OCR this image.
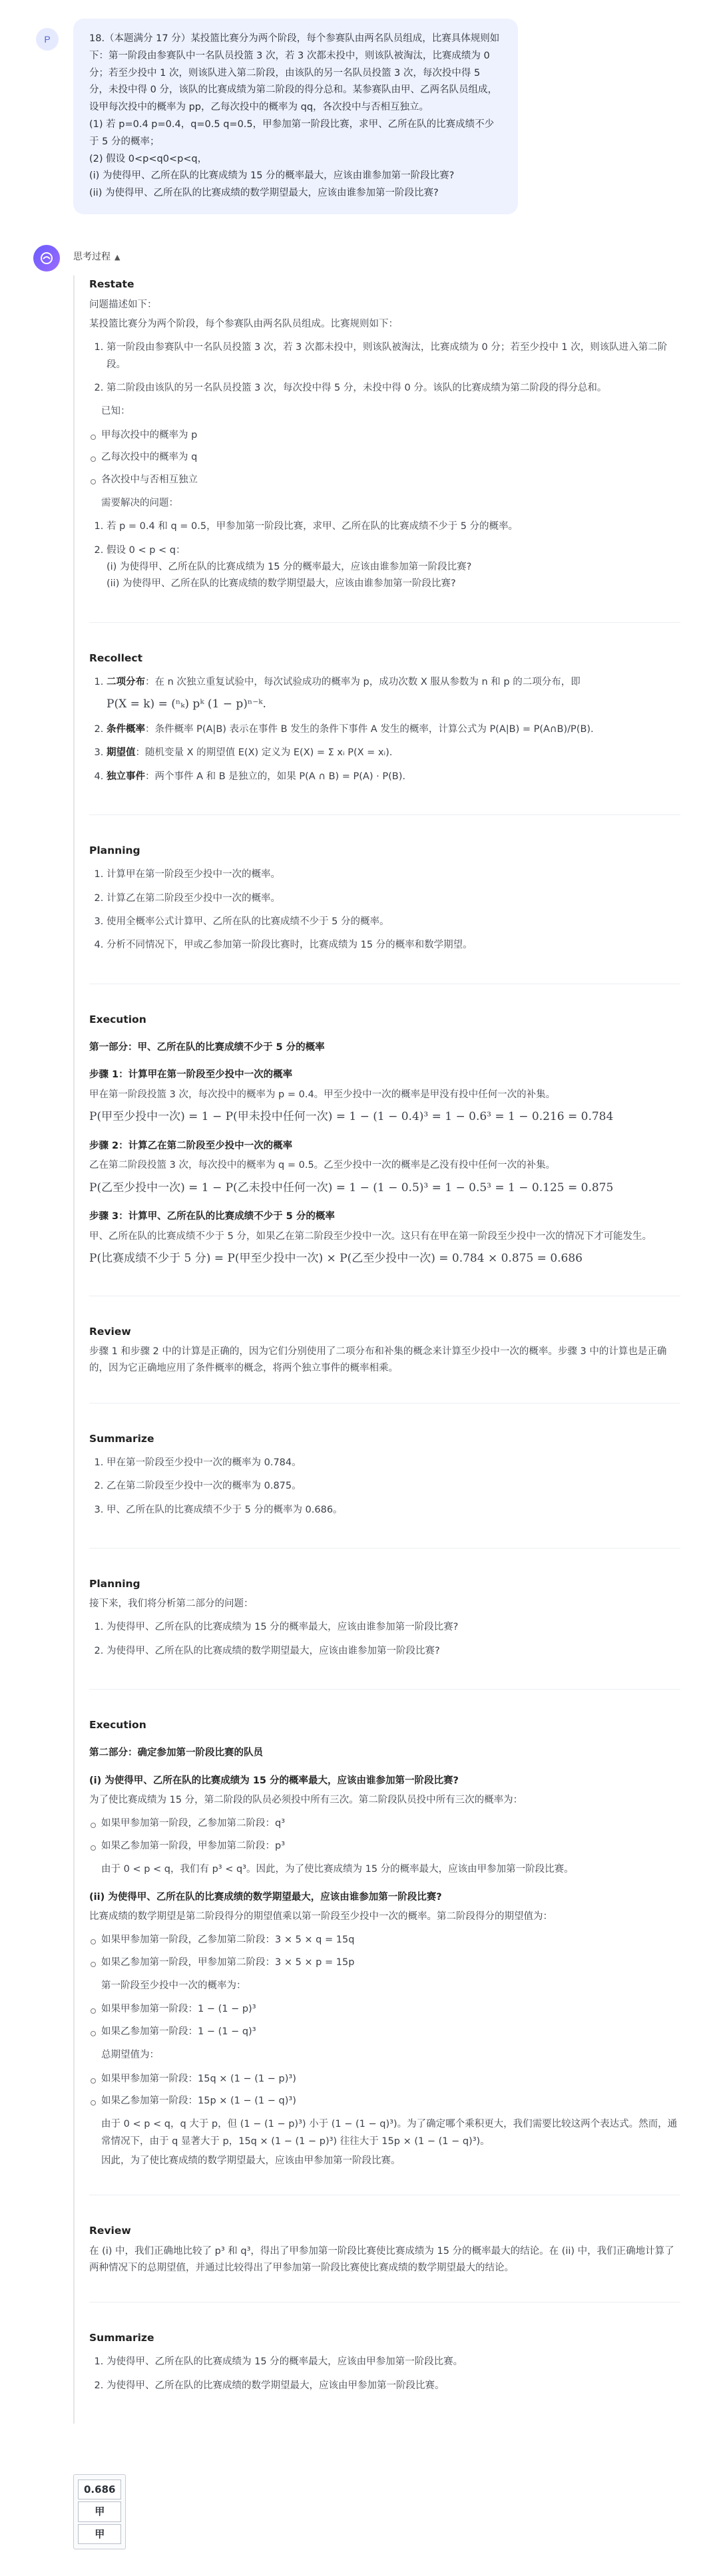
P	18.（本题满分 17 分）某投篮比赛分为两个阶段，每个参赛队由两名队员组成，比赛具体规则如下：第一阶段由参赛队中一名队员投篮 3 次，若 3 次都未投中，则该队被淘汰，比赛成绩为 0 分；若至少投中 1 次，则该队进入第二阶段，由该队的另一名队员投篮 3 次，每次投中得 5 分，未投中得 0 分，该队的比赛成绩为第二阶段的得分总和。某参赛队由甲、乙两名队员组成，设甲每次投中的概率为 pp，乙每次投中的概率为 qq，各次投中与否相互独立。

(1) 若 p=0.4 p=0.4，q=0.5 q=0.5，甲参加第一阶段比赛，求甲、乙所在队的比赛成绩不少于 5 分的概率；

(2) 假设 0<p<q0<p<q，

(i) 为使得甲、乙所在队的比赛成绩为 15 分的概率最大，应该由谁参加第一阶段比赛?

(ii) 为使得甲、乙所在队的比赛成绩的数学期望最大，应该由谁参加第一阶段比赛?

思考过程 ▲
Restate
问题描述如下：
某投篮比赛分为两个阶段，每个参赛队由两名队员组成。比赛规则如下：
1. 第一阶段由参赛队中一名队员投篮 3 次，若 3 次都未投中，则该队被淘汰，比赛成绩为 0 分；若至少投中 1 次，则该队进入第二阶段。
2. 第二阶段由该队的另一名队员投篮 3 次，每次投中得 5 分，未投中得 0 分。该队的比赛成绩为第二阶段的得分总和。
已知：
甲每次投中的概率为 p
乙每次投中的概率为 q
各次投中与否相互独立
需要解决的问题：
1. 若 p = 0.4 和 q = 0.5，甲参加第一阶段比赛，求甲、乙所在队的比赛成绩不少于 5 分的概率。
2. 假设 0 < p < q：
(i) 为使得甲、乙所在队的比赛成绩为 15 分的概率最大，应该由谁参加第一阶段比赛?
(ii) 为使得甲、乙所在队的比赛成绩的数学期望最大，应该由谁参加第一阶段比赛?
Recollect
1. 二项分布：在 n 次独立重复试验中，每次试验成功的概率为 p，成功次数 X 服从参数为 n 和 p 的二项分布，即
P(X = k) = (ⁿₖ) pᵏ (1 − p)ⁿ⁻ᵏ.
2. 条件概率：条件概率 P(A|B) 表示在事件 B 发生的条件下事件 A 发生的概率，计算公式为 P(A|B) = P(A∩B)/P(B).
3. 期望值：随机变量 X 的期望值 E(X) 定义为 E(X) = Σ xᵢ P(X = xᵢ).
4. 独立事件：两个事件 A 和 B 是独立的，如果 P(A ∩ B) = P(A) · P(B).
Planning
1. 计算甲在第一阶段至少投中一次的概率。
2. 计算乙在第二阶段至少投中一次的概率。
3. 使用全概率公式计算甲、乙所在队的比赛成绩不少于 5 分的概率。
4. 分析不同情况下，甲或乙参加第一阶段比赛时，比赛成绩为 15 分的概率和数学期望。
Execution
第一部分：甲、乙所在队的比赛成绩不少于 5 分的概率
步骤 1：计算甲在第一阶段至少投中一次的概率
甲在第一阶段投篮 3 次，每次投中的概率为 p = 0.4。甲至少投中一次的概率是甲没有投中任何一次的补集。
P(甲至少投中一次) = 1 − P(甲未投中任何一次) = 1 − (1 − 0.4)³ = 1 − 0.6³ = 1 − 0.216 = 0.784
步骤 2：计算乙在第二阶段至少投中一次的概率
乙在第二阶段投篮 3 次，每次投中的概率为 q = 0.5。乙至少投中一次的概率是乙没有投中任何一次的补集。
P(乙至少投中一次) = 1 − P(乙未投中任何一次) = 1 − (1 − 0.5)³ = 1 − 0.5³ = 1 − 0.125 = 0.875
步骤 3：计算甲、乙所在队的比赛成绩不少于 5 分的概率
甲、乙所在队的比赛成绩不少于 5 分，如果乙在第二阶段至少投中一次。这只有在甲在第一阶段至少投中一次的情况下才可能发生。
P(比赛成绩不少于 5 分) = P(甲至少投中一次) × P(乙至少投中一次) = 0.784 × 0.875 = 0.686
Review
步骤 1 和步骤 2 中的计算是正确的，因为它们分别使用了二项分布和补集的概念来计算至少投中一次的概率。步骤 3 中的计算也是正确的，因为它正确地应用了条件概率的概念，将两个独立事件的概率相乘。
Summarize
1. 甲在第一阶段至少投中一次的概率为 0.784。
2. 乙在第二阶段至少投中一次的概率为 0.875。
3. 甲、乙所在队的比赛成绩不少于 5 分的概率为 0.686。
Planning
接下来，我们将分析第二部分的问题：
1. 为使得甲、乙所在队的比赛成绩为 15 分的概率最大，应该由谁参加第一阶段比赛?
2. 为使得甲、乙所在队的比赛成绩的数学期望最大，应该由谁参加第一阶段比赛?
Execution
第二部分：确定参加第一阶段比赛的队员
(i) 为使得甲、乙所在队的比赛成绩为 15 分的概率最大，应该由谁参加第一阶段比赛?
为了使比赛成绩为 15 分，第二阶段的队员必须投中所有三次。第二阶段队员投中所有三次的概率为：
如果甲参加第一阶段，乙参加第二阶段：q³
如果乙参加第一阶段，甲参加第二阶段：p³
由于 0 < p < q，我们有 p³ < q³。因此，为了使比赛成绩为 15 分的概率最大，应该由甲参加第一阶段比赛。
(ii) 为使得甲、乙所在队的比赛成绩的数学期望最大，应该由谁参加第一阶段比赛?
比赛成绩的数学期望是第二阶段得分的期望值乘以第一阶段至少投中一次的概率。第二阶段得分的期望值为：
如果甲参加第一阶段，乙参加第二阶段：3 × 5 × q = 15q
如果乙参加第一阶段，甲参加第二阶段：3 × 5 × p = 15p
第一阶段至少投中一次的概率为：
如果甲参加第一阶段：1 − (1 − p)³
如果乙参加第一阶段：1 − (1 − q)³
总期望值为：
如果甲参加第一阶段：15q × (1 − (1 − p)³)
如果乙参加第一阶段：15p × (1 − (1 − q)³)
由于 0 < p < q，q 大于 p，但 (1 − (1 − p)³) 小于 (1 − (1 − q)³)。为了确定哪个乘积更大，我们需要比较这两个表达式。然而，通常情况下，由于 q 显著大于 p，15q × (1 − (1 − p)³) 往往大于 15p × (1 − (1 − q)³)。
因此，为了使比赛成绩的数学期望最大，应该由甲参加第一阶段比赛。
Review
在 (i) 中，我们正确地比较了 p³ 和 q³，得出了甲参加第一阶段比赛使比赛成绩为 15 分的概率最大的结论。在 (ii) 中，我们正确地计算了两种情况下的总期望值，并通过比较得出了甲参加第一阶段比赛使比赛成绩的数学期望最大的结论。
Summarize
1. 为使得甲、乙所在队的比赛成绩为 15 分的概率最大，应该由甲参加第一阶段比赛。
2. 为使得甲、乙所在队的比赛成绩的数学期望最大，应该由甲参加第一阶段比赛。
0.686
甲
甲
